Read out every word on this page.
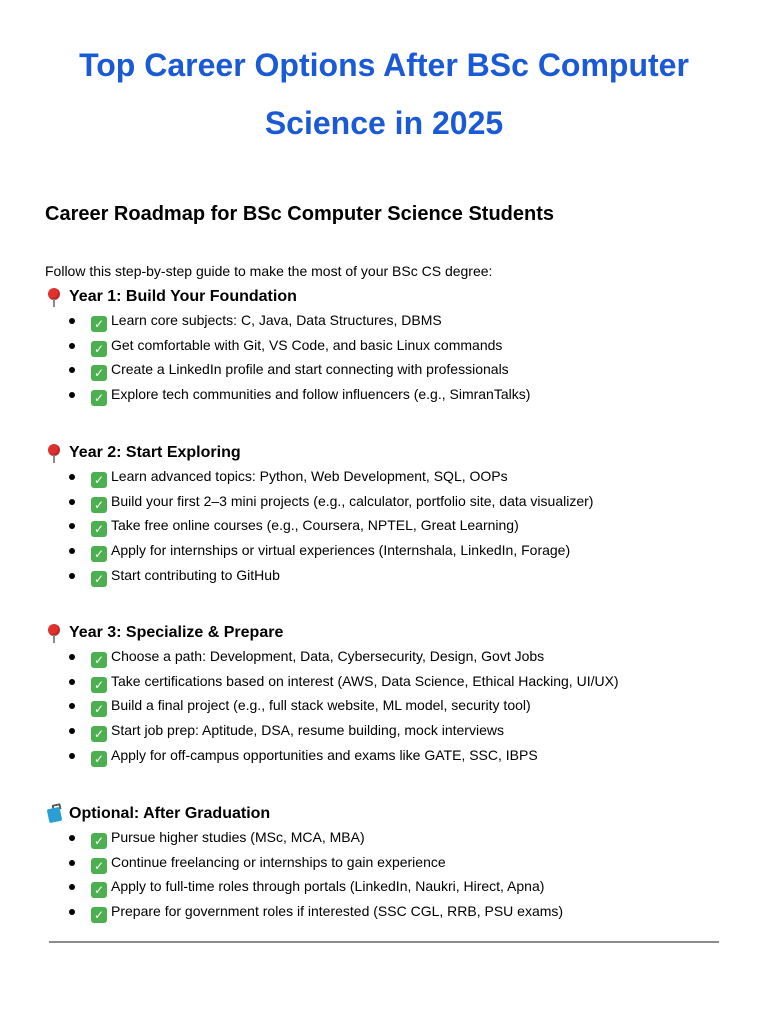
Top Career Options After BSc Computer Science in 2025
Career Roadmap for BSc Computer Science Students

Follow this step-by-step guide to make the most of your BSc CS degree:

Year 1: Build Your Foundation
✓ Learn core subjects: C, Java, Data Structures, DBMS
✓ Get comfortable with Git, VS Code, and basic Linux commands
✓ Create a LinkedIn profile and start connecting with professionals
✓ Explore tech communities and follow influencers (e.g., SimranTalks)
Year 2: Start Exploring
✓ Learn advanced topics: Python, Web Development, SQL, OOPs
✓ Build your first 2–3 mini projects (e.g., calculator, portfolio site, data visualizer)
✓ Take free online courses (e.g., Coursera, NPTEL, Great Learning)
✓ Apply for internships or virtual experiences (Internshala, LinkedIn, Forage)
✓ Start contributing to GitHub
Year 3: Specialize & Prepare
✓ Choose a path: Development, Data, Cybersecurity, Design, Govt Jobs
✓ Take certifications based on interest (AWS, Data Science, Ethical Hacking, UI/UX)
✓ Build a final project (e.g., full stack website, ML model, security tool)
✓ Start job prep: Aptitude, DSA, resume building, mock interviews
✓ Apply for off-campus opportunities and exams like GATE, SSC, IBPS
Optional: After Graduation
✓ Pursue higher studies (MSc, MCA, MBA)
✓ Continue freelancing or internships to gain experience
✓ Apply to full-time roles through portals (LinkedIn, Naukri, Hirect, Apna)
✓ Prepare for government roles if interested (SSC CGL, RRB, PSU exams)
